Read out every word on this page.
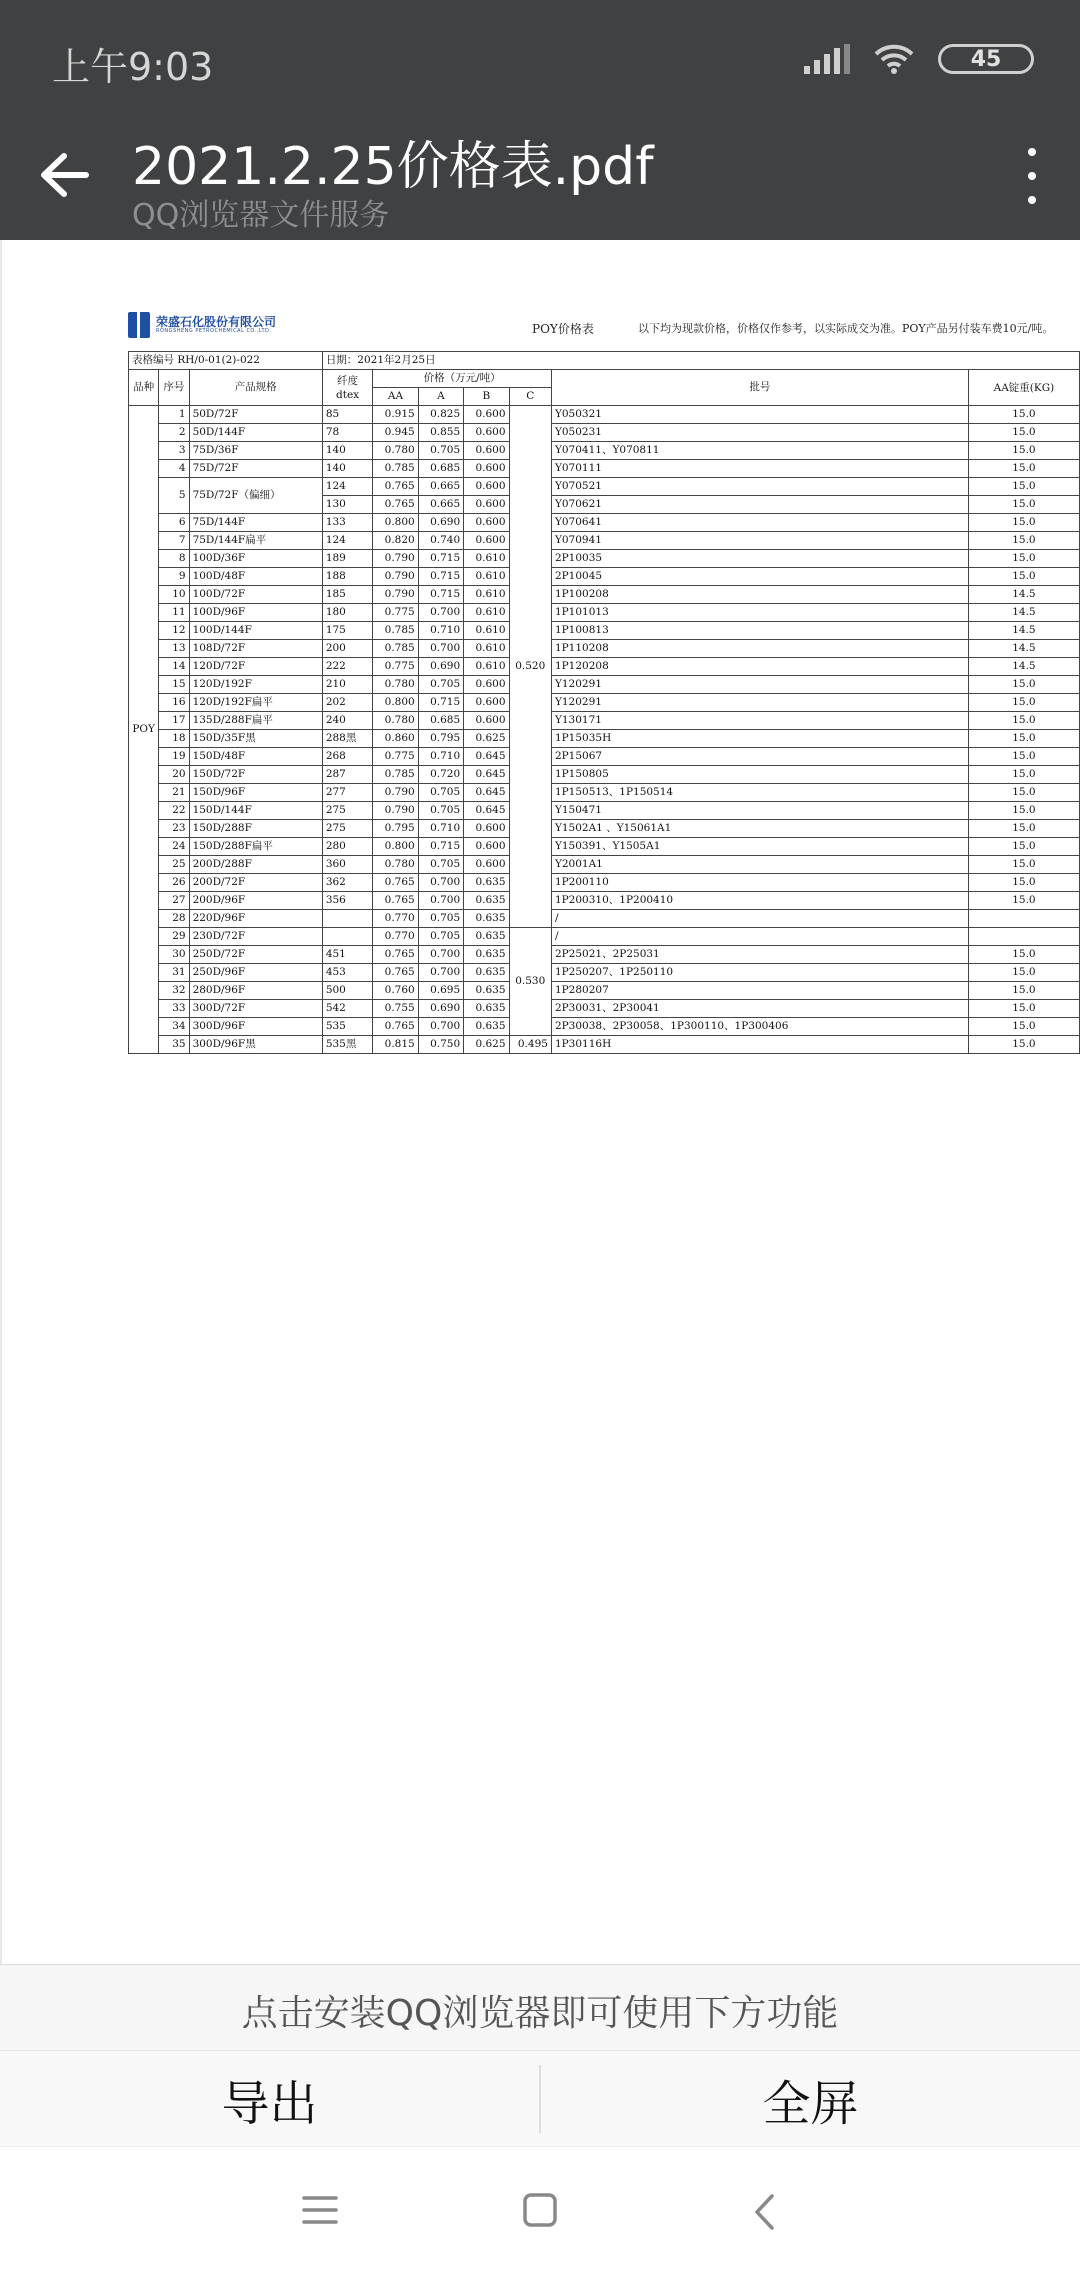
上午9:03	45
2021.2.25价格表.pdf
QQ浏览器文件服务
荣盛石化股份有限公司
RONGSHENG PETROCHEMICAL CO.,LTD.	POY价格表	以下均为现款价格，价格仅作参考，以实际成交为准。POY产品另付装车费10元/吨。
表格编号 RH/0-01(2)-022			日期：2021年2月25日						
品种	序号	产品规格	纤度dtex	价格（万元/吨）				批号	AA锭重(KG)
				AA	A	B	C		
POY	1	50D/72F	85	0.915	0.825	0.600	0.520	Y050321	15.0
	2	50D/144F	78	0.945	0.855	0.600		Y050231	15.0
	3	75D/36F	140	0.780	0.705	0.600		Y070411、Y070811	15.0
	4	75D/72F	140	0.785	0.685	0.600		Y070111	15.0
	5	75D/72F（偏细）	124	0.765	0.665	0.600		Y070521	15.0
			130	0.765	0.665	0.600		Y070621	15.0
	6	75D/144F	133	0.800	0.690	0.600		Y070641	15.0
	7	75D/144F扁平	124	0.820	0.740	0.600		Y070941	15.0
	8	100D/36F	189	0.790	0.715	0.610		2P10035	15.0
	9	100D/48F	188	0.790	0.715	0.610		2P10045	15.0
	10	100D/72F	185	0.790	0.715	0.610		1P100208	14.5
	11	100D/96F	180	0.775	0.700	0.610		1P101013	14.5
	12	100D/144F	175	0.785	0.710	0.610		1P100813	14.5
	13	108D/72F	200	0.785	0.700	0.610		1P110208	14.5
	14	120D/72F	222	0.775	0.690	0.610		1P120208	14.5
	15	120D/192F	210	0.780	0.705	0.600		Y120291	15.0
	16	120D/192F扁平	202	0.800	0.715	0.600		Y120291	15.0
	17	135D/288F扁平	240	0.780	0.685	0.600		Y130171	15.0
	18	150D/35F黑	288黑	0.860	0.795	0.625		1P15035H	15.0
	19	150D/48F	268	0.775	0.710	0.645		2P15067	15.0
	20	150D/72F	287	0.785	0.720	0.645		1P150805	15.0
	21	150D/96F	277	0.790	0.705	0.645		1P150513、1P150514	15.0
	22	150D/144F	275	0.790	0.705	0.645		Y150471	15.0
	23	150D/288F	275	0.795	0.710	0.600		Y1502A1 、Y15061A1	15.0
	24	150D/288F扁平	280	0.800	0.715	0.600		Y150391、Y1505A1	15.0
	25	200D/288F	360	0.780	0.705	0.600		Y2001A1	15.0
	26	200D/72F	362	0.765	0.700	0.635		1P200110	15.0
	27	200D/96F	356	0.765	0.700	0.635		1P200310、1P200410	15.0
	28	220D/96F		0.770	0.705	0.635		/	
	29	230D/72F		0.770	0.705	0.635	0.530	/	
	30	250D/72F	451	0.765	0.700	0.635		2P25021、2P25031	15.0
	31	250D/96F	453	0.765	0.700	0.635		1P250207、1P250110	15.0
	32	280D/96F	500	0.760	0.695	0.635		1P280207	15.0
	33	300D/72F	542	0.755	0.690	0.635		2P30031、2P30041	15.0
	34	300D/96F	535	0.765	0.700	0.635		2P30038、2P30058、1P300110、1P300406	15.0
	35	300D/96F黑	535黑	0.815	0.750	0.625	0.495	1P30116H	15.0
点击安装QQ浏览器即可使用下方功能
导出	全屏
